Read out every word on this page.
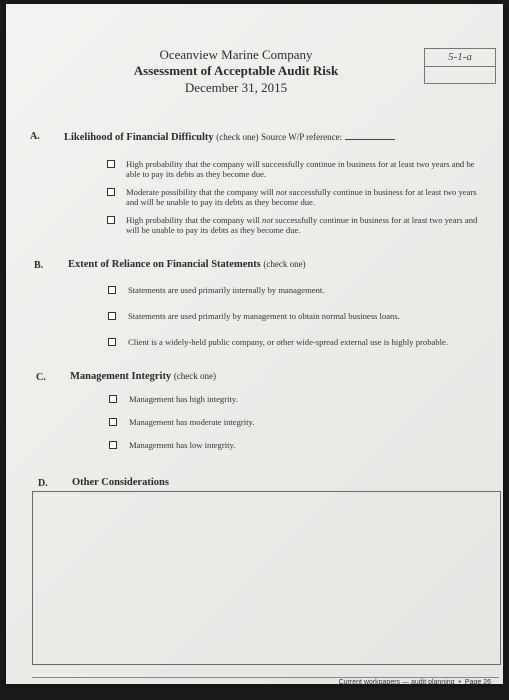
Oceanview Marine Company
Assessment of Acceptable Audit Risk
December 31, 2015
5-1-a
A. Likelihood of Financial Difficulty (check one) Source W/P reference:
High probability that the company will successfully continue in business for at least two years and be able to pay its debts as they become due.
Moderate possibility that the company will not successfully continue in business for at least two years and will be unable to pay its debts as they become due.
High probability that the company will not successfully continue in business for at least two years and will be unable to pay its debts as they become due.
B. Extent of Reliance on Financial Statements (check one)
Statements are used primarily internally by management.
Statements are used primarily by management to obtain normal business loans.
Client is a widely-held public company, or other wide-spread external use is highly probable.
C. Management Integrity (check one)
Management has high integrity.
Management has moderate integrity.
Management has low integrity.
D. Other Considerations
Current workpapers — audit planning • Page 26
